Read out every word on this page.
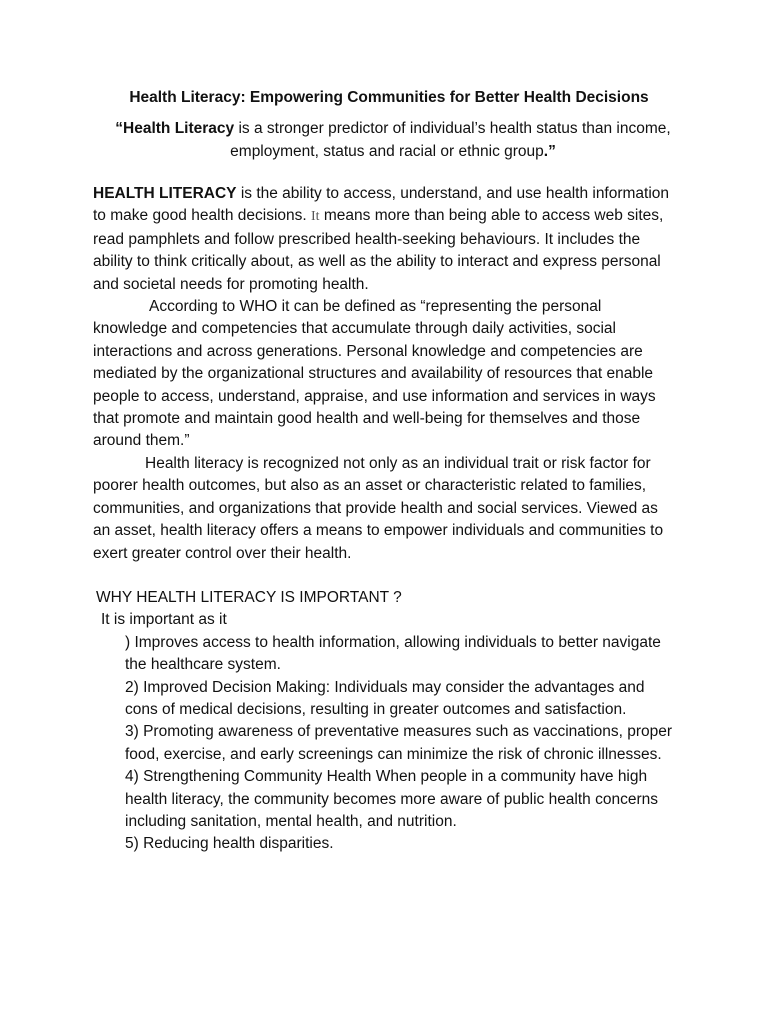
Health Literacy: Empowering Communities for Better Health Decisions

“Health Literacy is a stronger predictor of individual’s health status than income, employment, status and racial or ethnic group.”

HEALTH LITERACY is the ability to access, understand, and use health information to make good health decisions. It means more than being able to access web sites, read pamphlets and follow prescribed health-seeking behaviours. It includes the ability to think critically about, as well as the ability to interact and express personal and societal needs for promoting health.

According to WHO it can be defined as “representing the personal knowledge and competencies that accumulate through daily activities, social interactions and across generations. Personal knowledge and competencies are mediated by the organizational structures and availability of resources that enable people to access, understand, appraise, and use information and services in ways that promote and maintain good health and well-being for themselves and those around them.”

Health literacy is recognized not only as an individual trait or risk factor for poorer health outcomes, but also as an asset or characteristic related to families, communities, and organizations that provide health and social services. Viewed as an asset, health literacy offers a means to empower individuals and communities to exert greater control over their health.

WHY HEALTH LITERACY IS IMPORTANT ?

It is important as it

) Improves access to health information, allowing individuals to better navigate the healthcare system.
2) Improved Decision Making: Individuals may consider the advantages and cons of medical decisions, resulting in greater outcomes and satisfaction.
3) Promoting awareness of preventative measures such as vaccinations, proper food, exercise, and early screenings can minimize the risk of chronic illnesses.
4) Strengthening Community Health When people in a community have high health literacy, the community becomes more aware of public health concerns including sanitation, mental health, and nutrition.
5) Reducing health disparities.
